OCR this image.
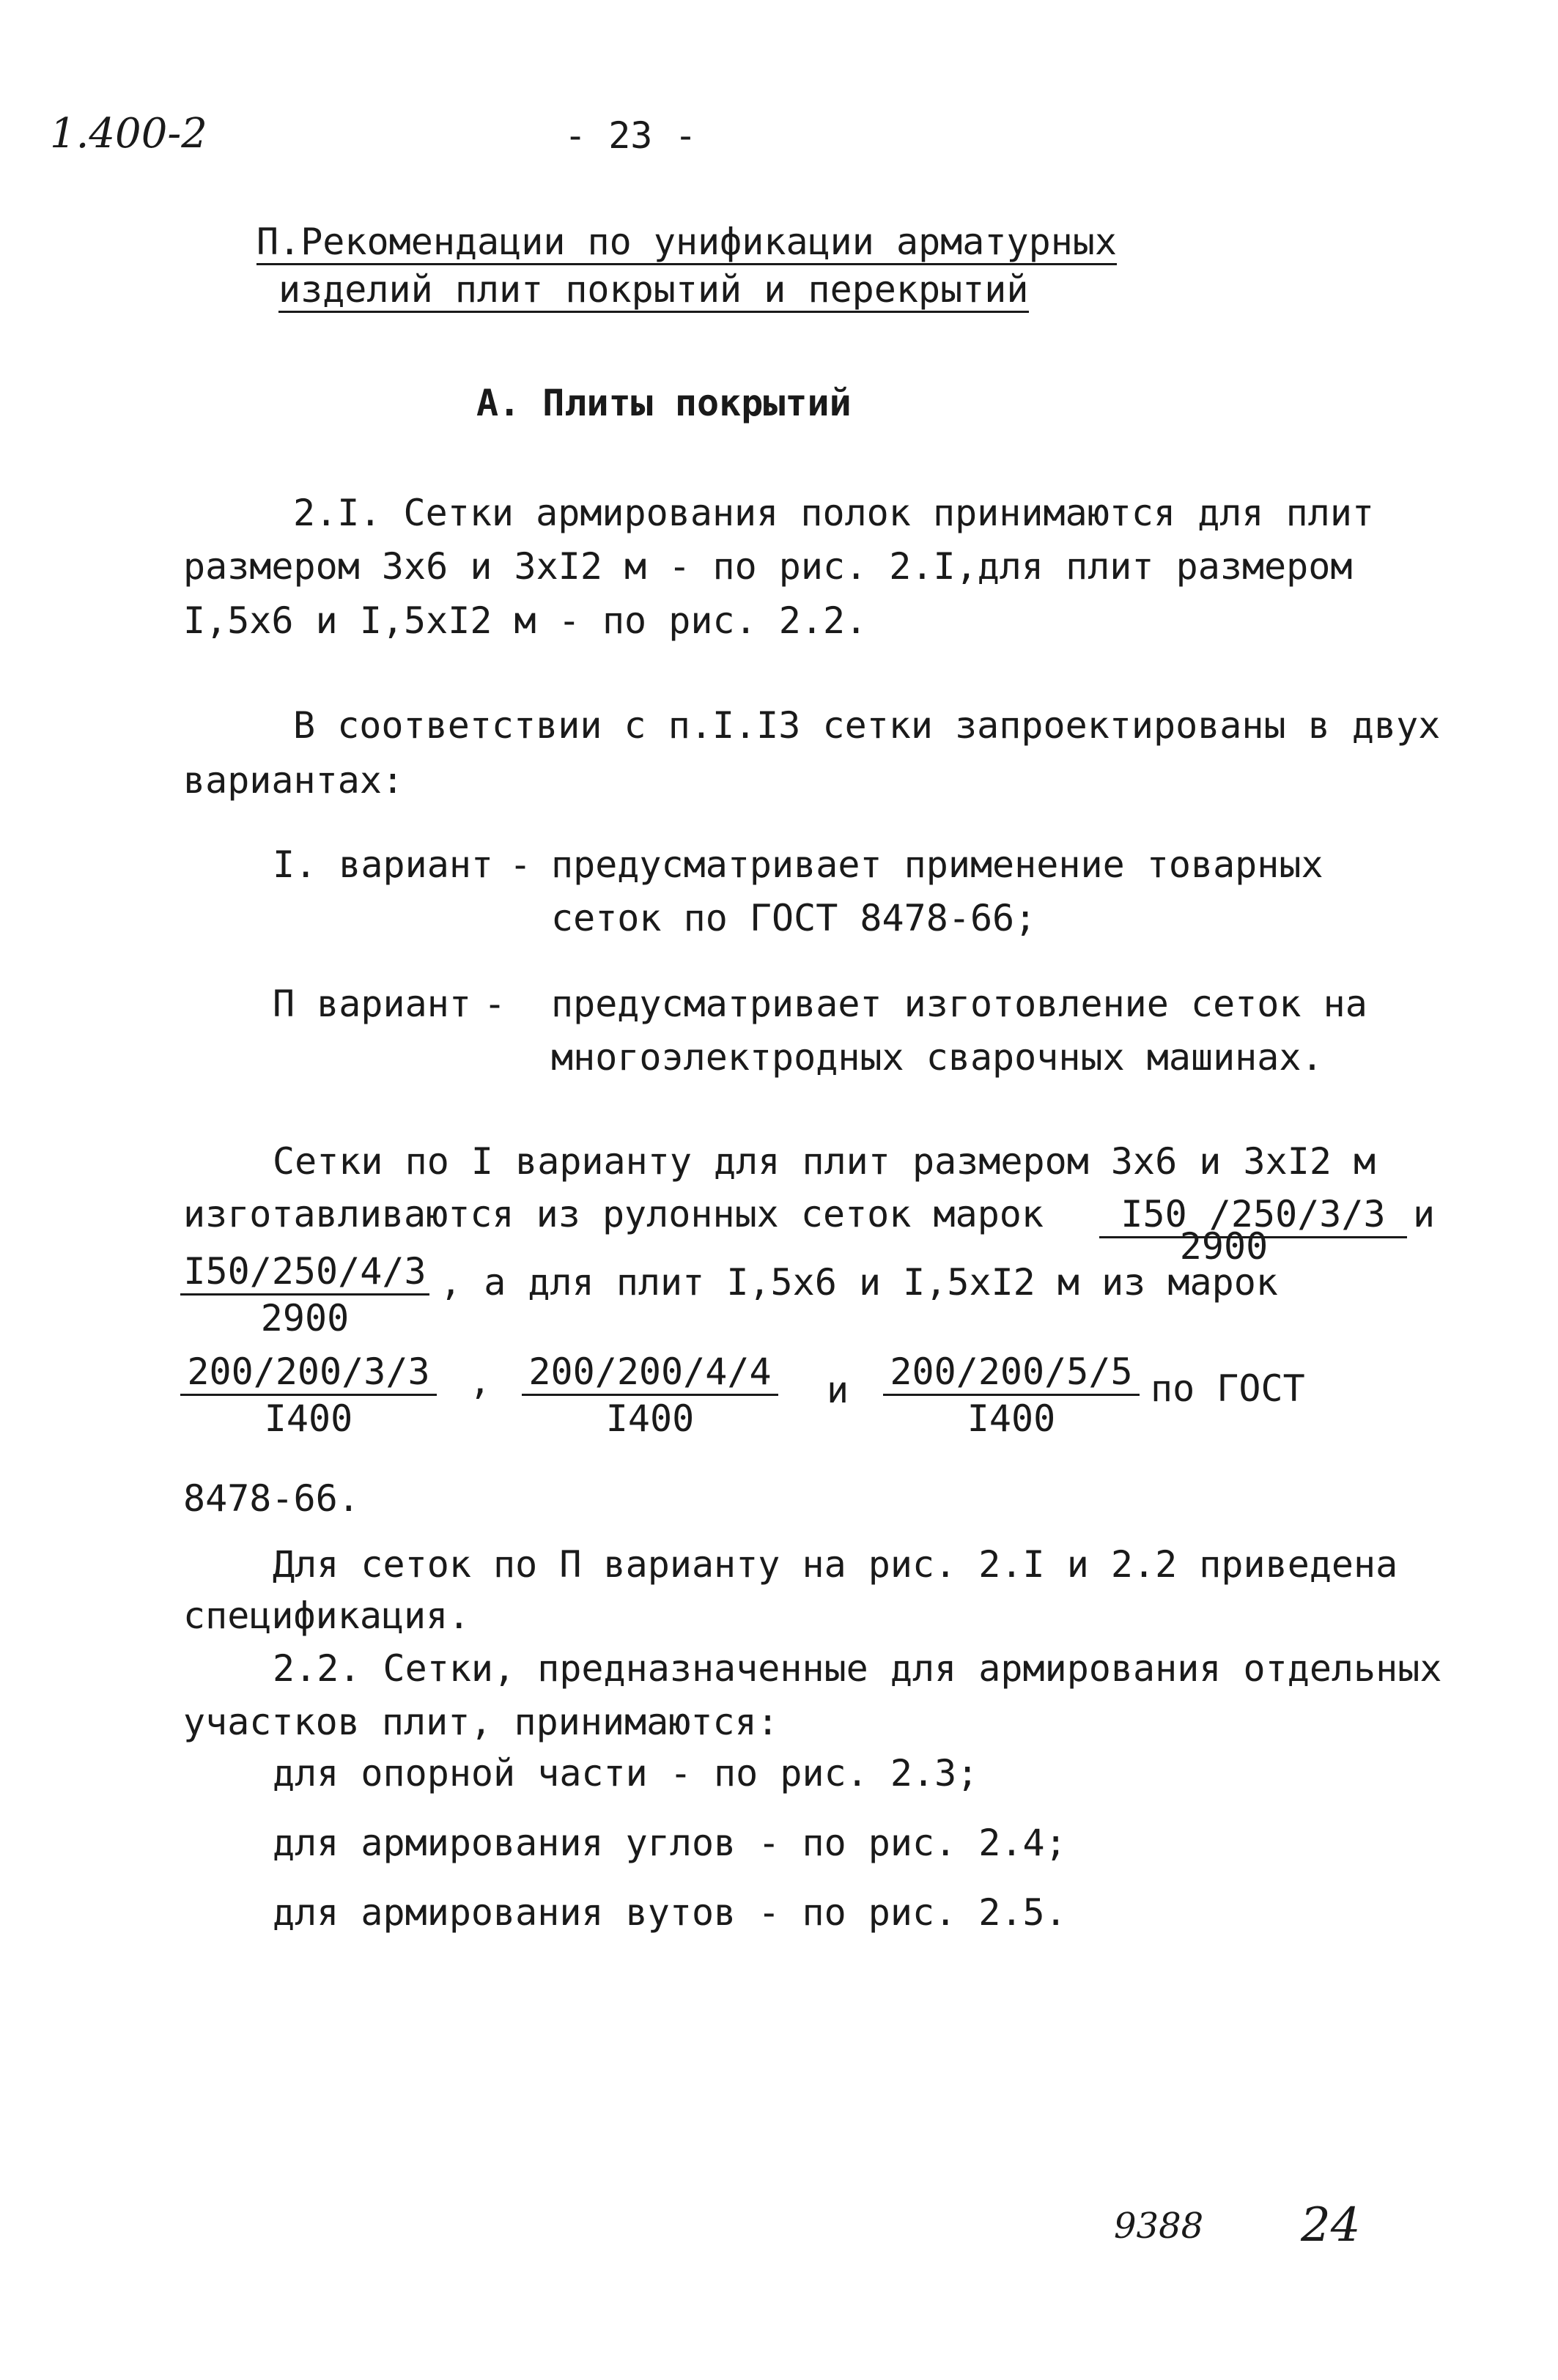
1.400-2	- 23 -
П.Рекомендации по унификации арматурных
изделий плит покрытий и перекрытий
А. Плиты покрытий
2.I. Сетки армирования полок принимаются для плит
размером 3х6 и 3хI2 м - по рис. 2.I,для плит размером
I,5х6 и I,5хI2 м - по рис. 2.2.
В соответствии с п.I.I3 сетки запроектированы в двух
вариантах:
I. вариант - предусматривает применение товарных
сеток по ГОСТ 8478-66;
П вариант - предусматривает изготовление сеток на
многоэлектродных сварочных машинах.
Сетки по I варианту для плит размером 3х6 и 3хI2 м
изготавливаются из рулонных сеток марок	I50 /250/3/3
2900
и
$\frac{I50/250/4/3}{2900}$ , а для плит I,5х6 и I,5хI2 м из марок
$\frac{200/200/3/3}{I400}$ , $\frac{200/200/4/4}{I400}$ и $\frac{200/200/5/5}{I400}$ по ГОСТ
8478-66.
Для сеток по П варианту на рис. 2.I и 2.2 приведена
спецификация.
2.2. Сетки, предназначенные для армирования отдельных
участков плит, принимаются:
для опорной части - по рис. 2.3;
для армирования углов - по рис. 2.4;
для армирования вутов - по рис. 2.5.
9388 24
